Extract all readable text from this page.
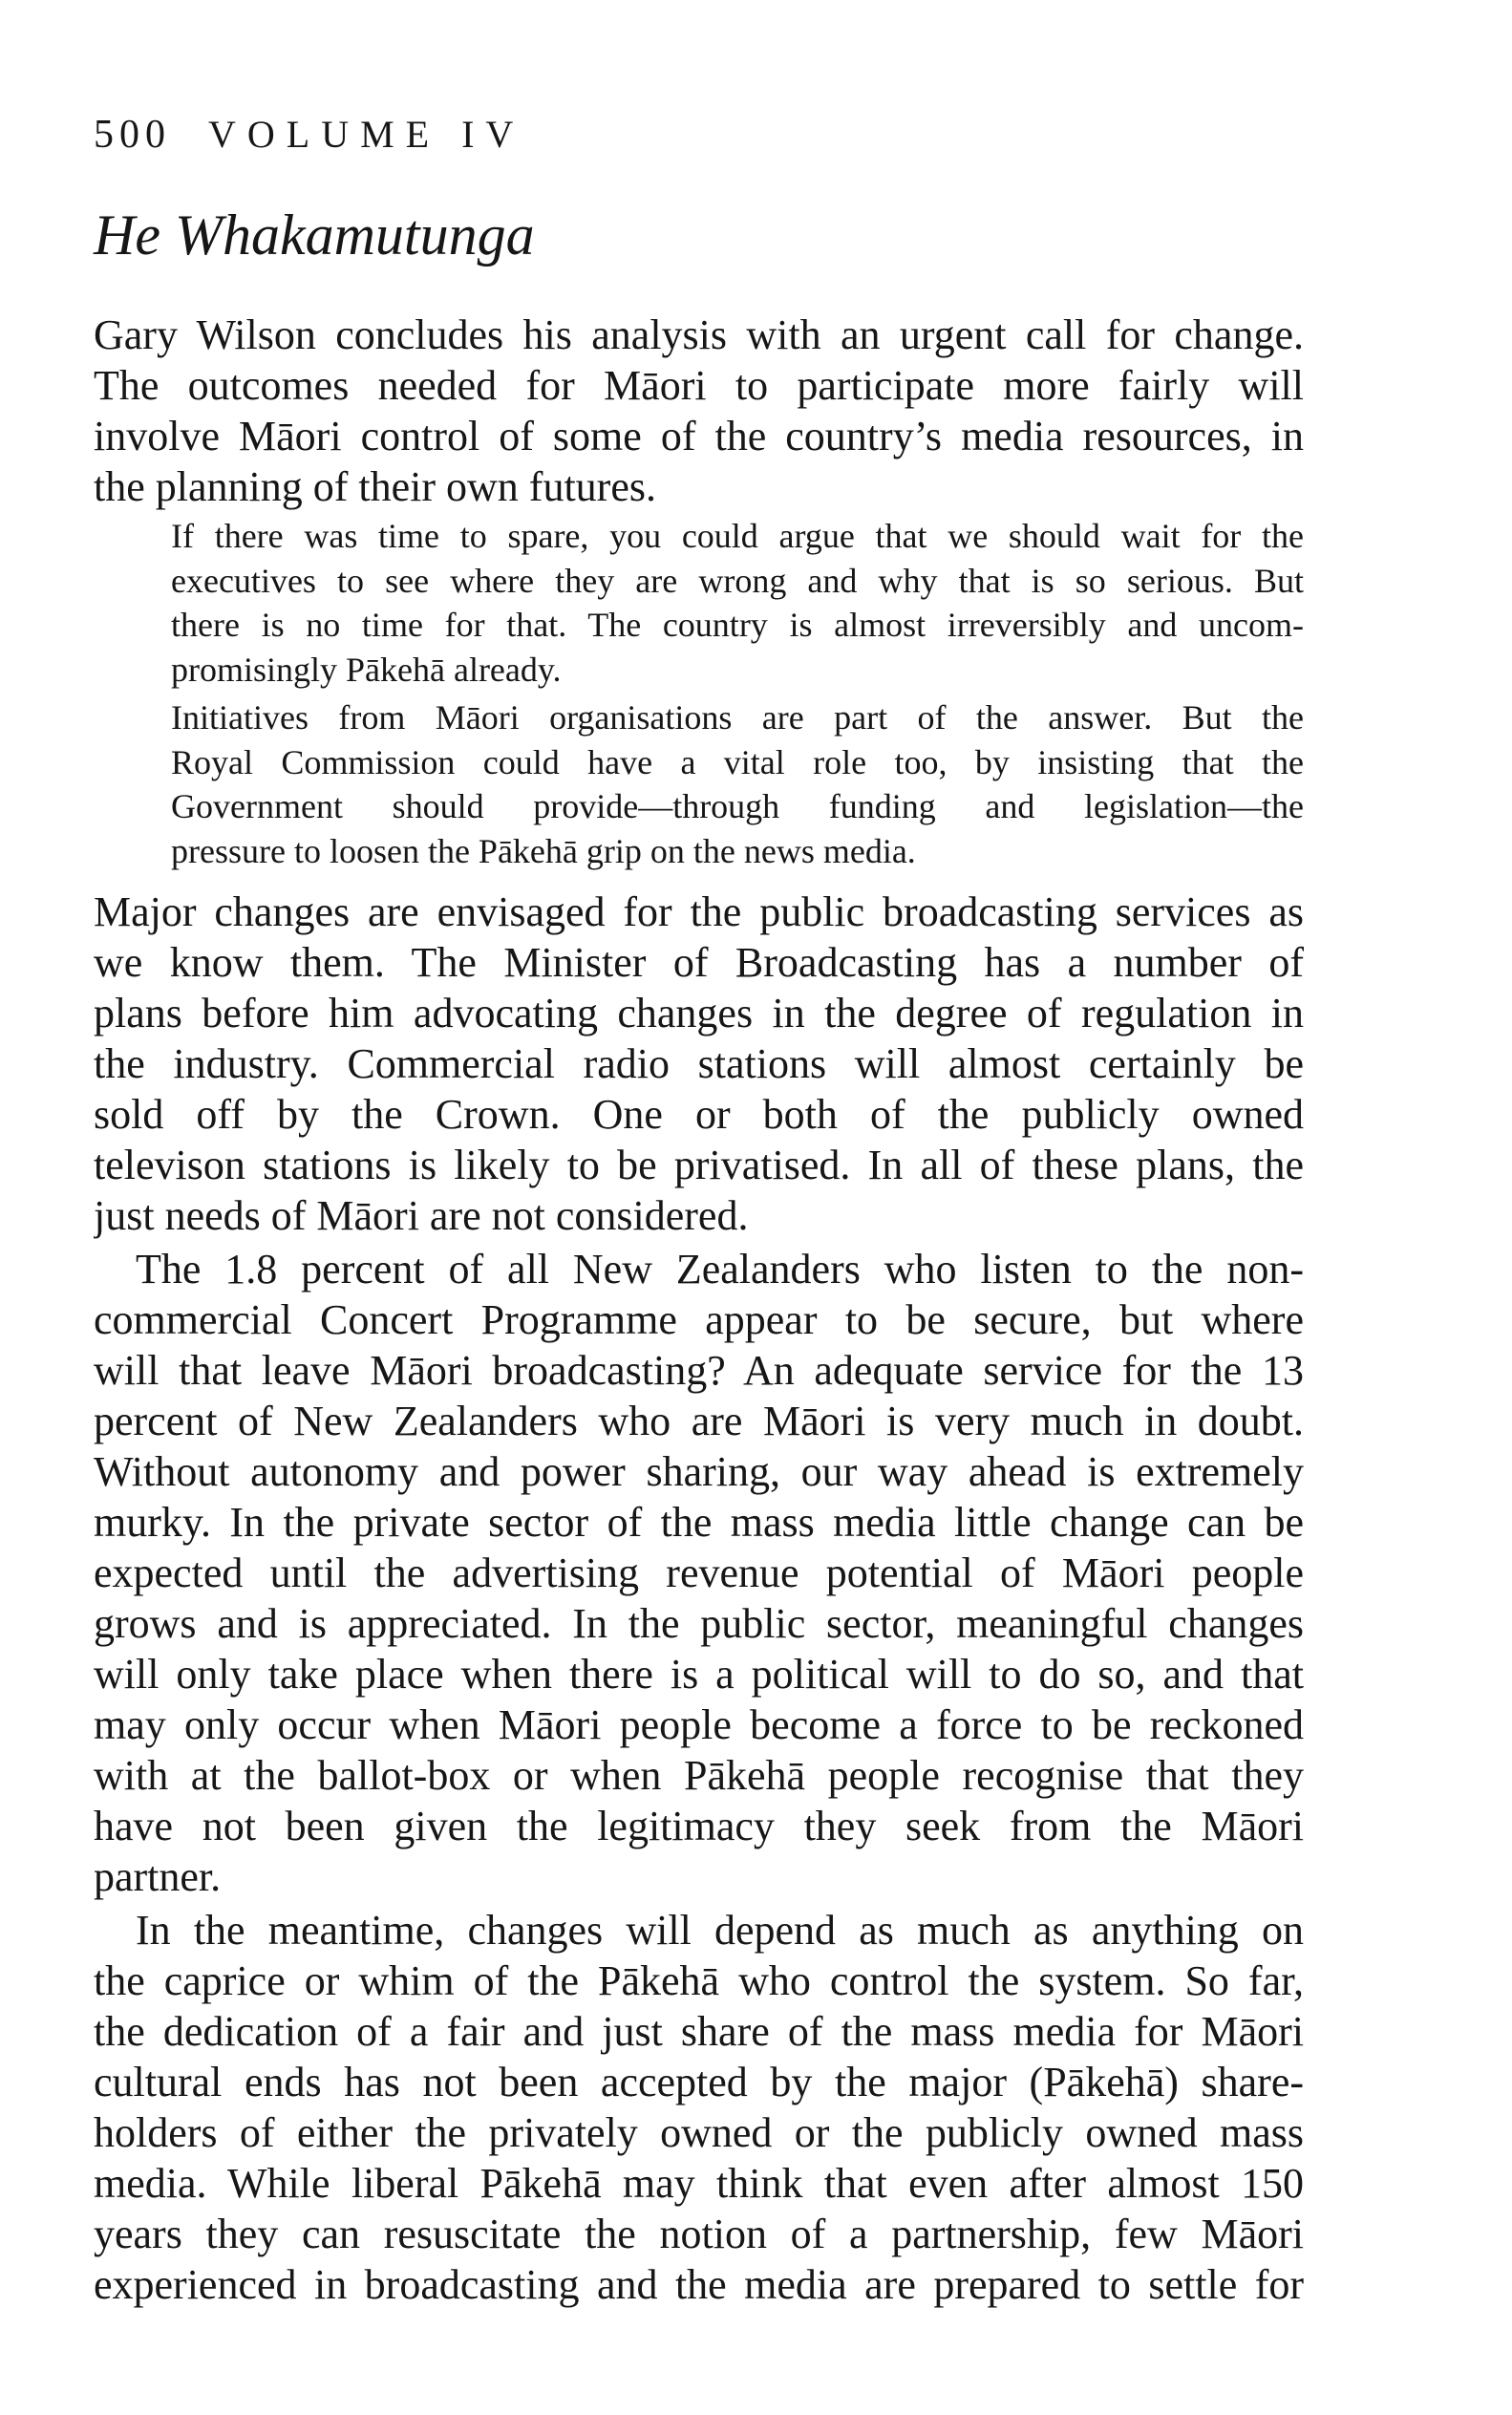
500 VOLUME IV
He Whakamutunga
Gary Wilson concludes his analysis with an urgent call for change.
The outcomes needed for Māori to participate more fairly will
involve Māori control of some of the country’s media resources, in
the planning of their own futures.
If there was time to spare, you could argue that we should wait for the
executives to see where they are wrong and why that is so serious. But
there is no time for that. The country is almost irreversibly and uncom-
promisingly Pākehā already.
Initiatives from Māori organisations are part of the answer. But the
Royal Commission could have a vital role too, by insisting that the
Government should provide—through funding and legislation—the
pressure to loosen the Pākehā grip on the news media.
Major changes are envisaged for the public broadcasting services as
we know them. The Minister of Broadcasting has a number of
plans before him advocating changes in the degree of regulation in
the industry. Commercial radio stations will almost certainly be
sold off by the Crown. One or both of the publicly owned
televison stations is likely to be privatised. In all of these plans, the
just needs of Māori are not considered.
The 1.8 percent of all New Zealanders who listen to the non-
commercial Concert Programme appear to be secure, but where
will that leave Māori broadcasting? An adequate service for the 13
percent of New Zealanders who are Māori is very much in doubt.
Without autonomy and power sharing, our way ahead is extremely
murky. In the private sector of the mass media little change can be
expected until the advertising revenue potential of Māori people
grows and is appreciated. In the public sector, meaningful changes
will only take place when there is a political will to do so, and that
may only occur when Māori people become a force to be reckoned
with at the ballot-box or when Pākehā people recognise that they
have not been given the legitimacy they seek from the Māori
partner.
In the meantime, changes will depend as much as anything on
the caprice or whim of the Pākehā who control the system. So far,
the dedication of a fair and just share of the mass media for Māori
cultural ends has not been accepted by the major (Pākehā) share-
holders of either the privately owned or the publicly owned mass
media. While liberal Pākehā may think that even after almost 150
years they can resuscitate the notion of a partnership, few Māori
experienced in broadcasting and the media are prepared to settle for
